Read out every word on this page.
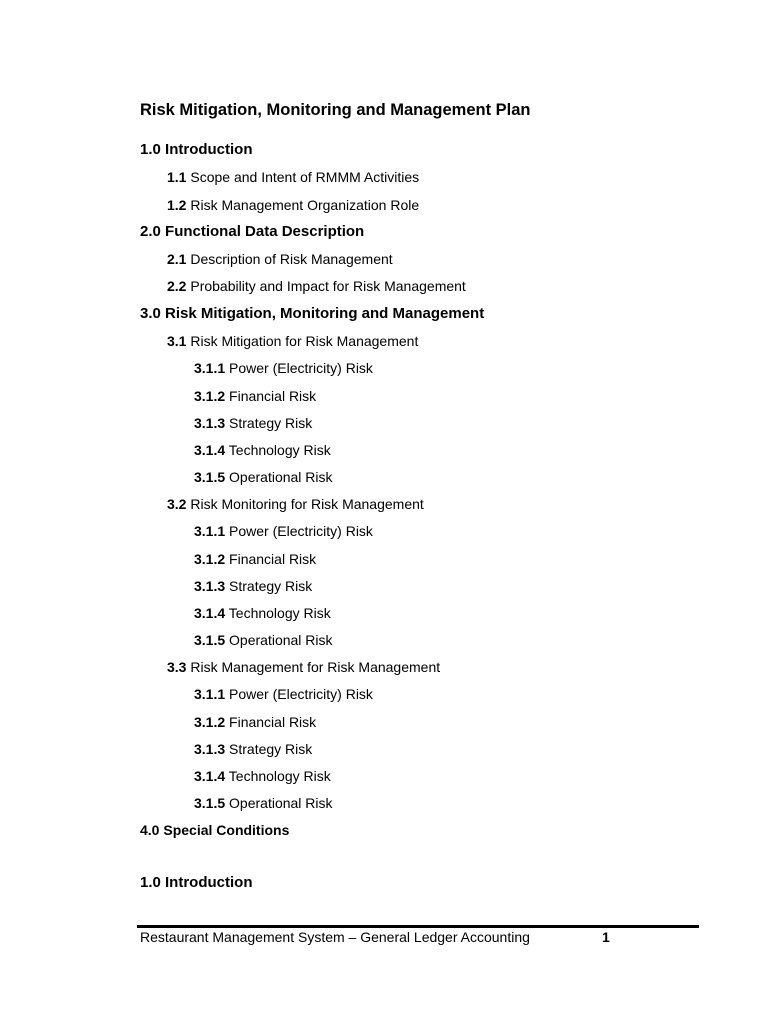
Risk Mitigation, Monitoring and Management Plan
1.0 Introduction
1.1 Scope and Intent of RMMM Activities
1.2 Risk Management Organization Role
2.0 Functional Data Description
2.1 Description of Risk Management
2.2 Probability and Impact for Risk Management
3.0 Risk Mitigation, Monitoring and Management
3.1 Risk Mitigation for Risk Management
3.1.1 Power (Electricity) Risk
3.1.2 Financial Risk
3.1.3 Strategy Risk
3.1.4 Technology Risk
3.1.5 Operational Risk
3.2 Risk Monitoring for Risk Management
3.1.1 Power (Electricity) Risk
3.1.2 Financial Risk
3.1.3 Strategy Risk
3.1.4 Technology Risk
3.1.5 Operational Risk
3.3 Risk Management for Risk Management
3.1.1 Power (Electricity) Risk
3.1.2 Financial Risk
3.1.3 Strategy Risk
3.1.4 Technology Risk
3.1.5 Operational Risk
4.0 Special Conditions
1.0 Introduction
Restaurant Management System – General Ledger Accounting	1
